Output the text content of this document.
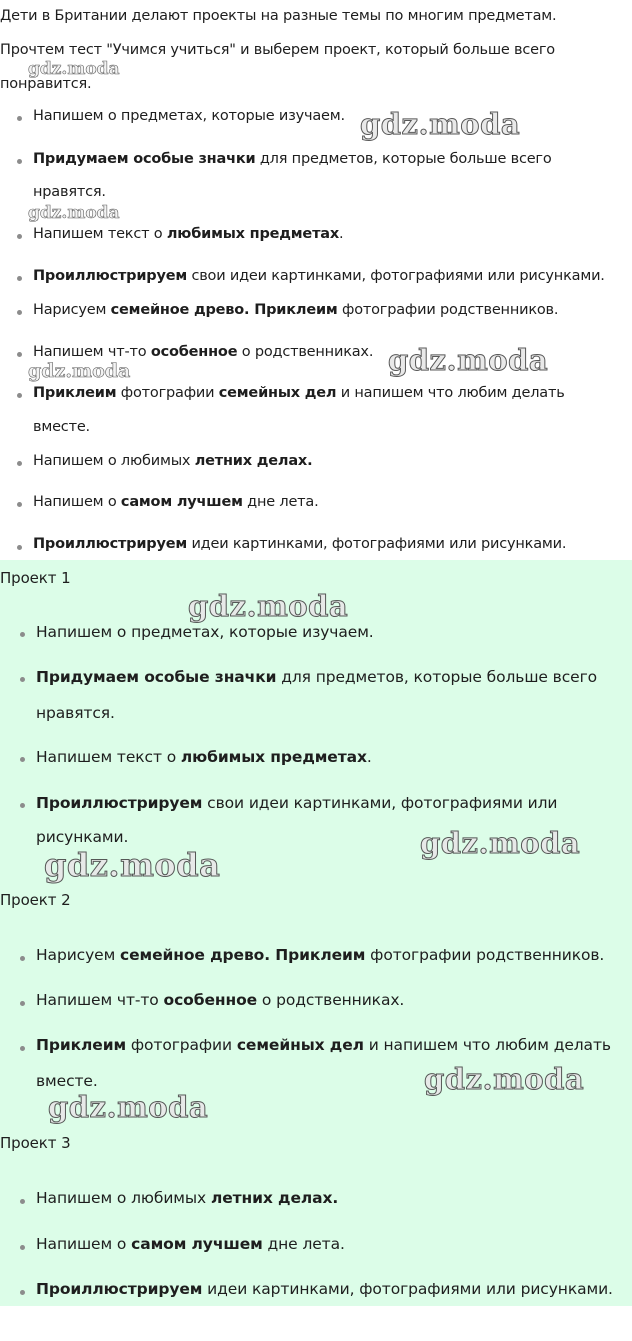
Дети в Британии делают проекты на разные темы по многим предметам.
Прочтем тест "Учимся учиться" и выберем проект, который больше всего
понравится.
Напишем о предметах, которые изучаем.
Придумаем особые значки для предметов, которые больше всего
нравятся.
Напишем текст о любимых предметах.
Проиллюстрируем свои идеи картинками, фотографиями или рисунками.
Нарисуем семейное древо. Приклеим фотографии родственников.
Напишем чт-то особенное о родственниках.
Приклеим фотографии семейных дел и напишем что любим делать
вместе.
Напишем о любимых летних делах.
Напишем о самом лучшем дне лета.
Проиллюстрируем идеи картинками, фотографиями или рисунками.
Проект 1
Напишем о предметах, которые изучаем.
Придумаем особые значки для предметов, которые больше всего
нравятся.
Напишем текст о любимых предметах.
Проиллюстрируем свои идеи картинками, фотографиями или
рисунками.
Проект 2
Нарисуем семейное древо. Приклеим фотографии родственников.
Напишем чт-то особенное о родственниках.
Приклеим фотографии семейных дел и напишем что любим делать
вместе.
Проект 3
Напишем о любимых летних делах.
Напишем о самом лучшем дне лета.
Проиллюстрируем идеи картинками, фотографиями или рисунками.
gdz.moda
gdz.moda
gdz.moda
gdz.moda
gdz.moda
gdz.moda
gdz.moda
gdz.moda
gdz.moda
gdz.moda
